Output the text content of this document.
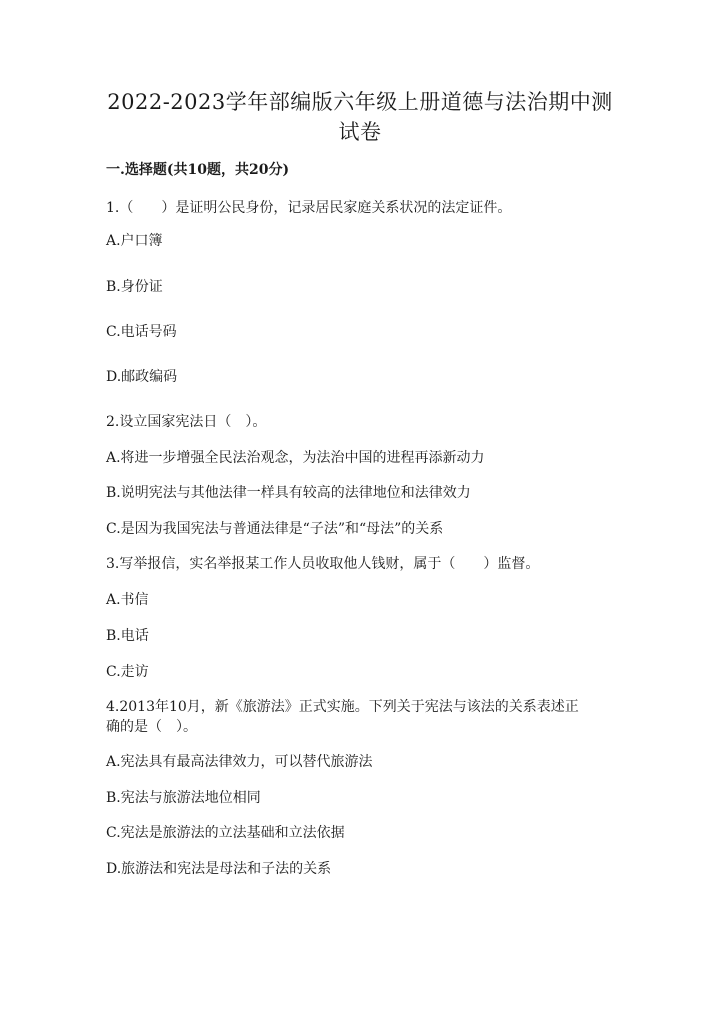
2022-2023学年部编版六年级上册道德与法治期中测
试卷
一.选择题(共10题，共20分)
1.（　　）是证明公民身份，记录居民家庭关系状况的法定证件。
A.户口簿
B.身份证
C.电话号码
D.邮政编码
2.设立国家宪法日（　）。
A.将进一步增强全民法治观念，为法治中国的进程再添新动力
B.说明宪法与其他法律一样具有较高的法律地位和法律效力
C.是因为我国宪法与普通法律是“子法”和“母法”的关系
3.写举报信，实名举报某工作人员收取他人钱财，属于（　　）监督。
A.书信
B.电话
C.走访
4.2013年10月，新《旅游法》正式实施。下列关于宪法与该法的关系表述正
确的是（　）。
A.宪法具有最高法律效力，可以替代旅游法
B.宪法与旅游法地位相同
C.宪法是旅游法的立法基础和立法依据
D.旅游法和宪法是母法和子法的关系
